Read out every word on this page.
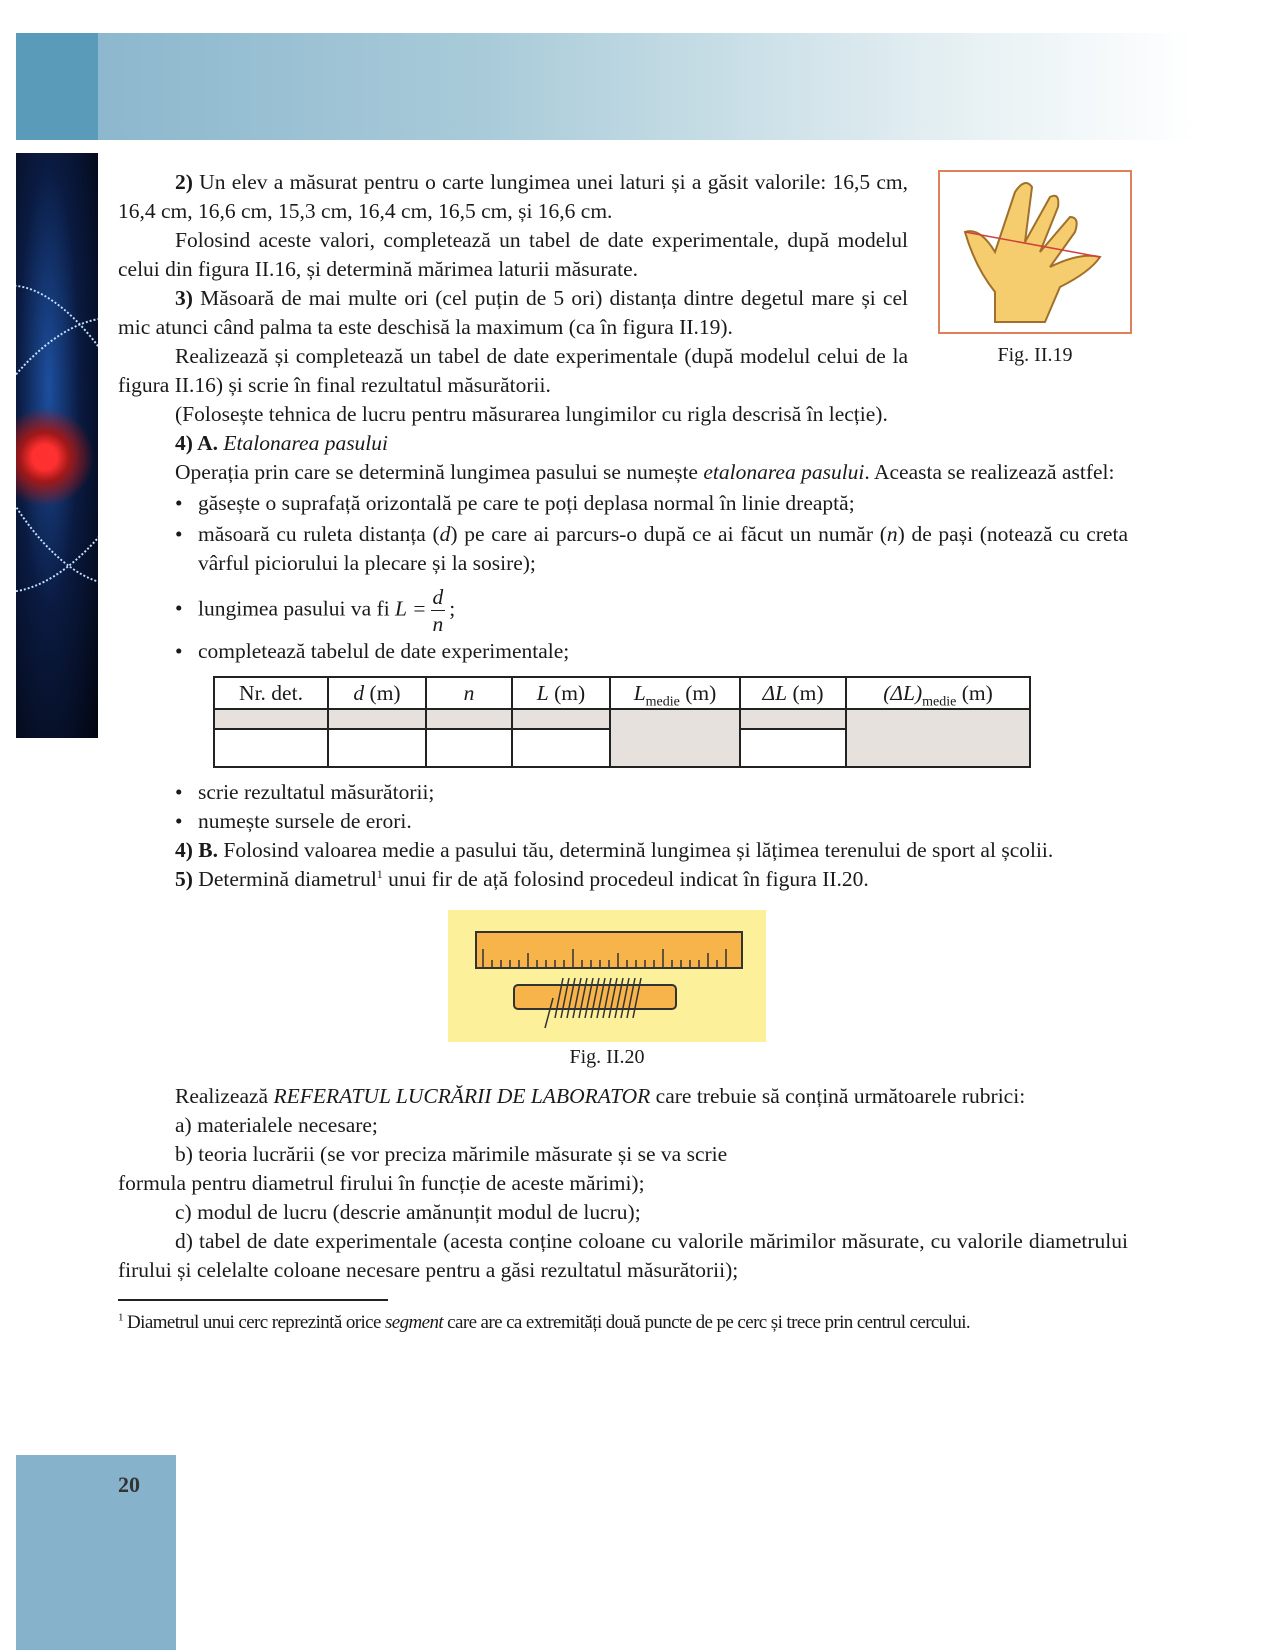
Fig. II.19

2) Un elev a măsurat pentru o carte lungimea unei laturi și a găsit valorile: 16,5 cm, 16,4 cm, 16,6 cm, 15,3 cm, 16,4 cm, 16,5 cm, și 16,6 cm.

Folosind aceste valori, completează un tabel de date experimentale, după modelul celui din figura II.16, și determină mărimea laturii măsurate.

3) Măsoară de mai multe ori (cel puțin de 5 ori) distanța dintre degetul mare și cel mic atunci când palma ta este deschisă la maximum (ca în figura II.19).

Realizează și completează un tabel de date experimentale (după modelul celui de la figura II.16) și scrie în final rezultatul măsurătorii.

(Folosește tehnica de lucru pentru măsurarea lungimilor cu rigla descrisă în lecție).

4) A. Etalonarea pasului

Operația prin care se determină lungimea pasului se numește etalonarea pasului. Aceasta se realizează astfel:

• găsește o suprafață orizontală pe care te poți deplasa normal în linie dreaptă;

• măsoară cu ruleta distanța (d) pe care ai parcurs-o după ce ai făcut un număr (n) de pași (notează cu creta vârful piciorului la plecare și la sosire);

• lungimea pasului va fi $L = \frac{d}{n}$ ;

• completează tabelul de date experimentale;

Nr. det.	d (m)	n	L (m)	$L_{medie}$ (m)	ΔL (m)	$(\Delta L)_{medie}$ (m)

• scrie rezultatul măsurătorii;

• numește sursele de erori.

4) B. Folosind valoarea medie a pasului tău, determină lungimea și lățimea terenului de sport al școlii.

5) Determină diametrul$^1$ unui fir de ață folosind procedeul indicat în figura II.20.

Fig. II.20

Realizează REFERATUL LUCRĂRII DE LABORATOR care trebuie să conțină următoarele rubrici:

a) materialele necesare;

b) teoria lucrării (se vor preciza mărimile măsurate și se va scrie

formula pentru diametrul firului în funcție de aceste mărimi);

c) modul de lucru (descrie amănunțit modul de lucru);

d) tabel de date experimentale (acesta conține coloane cu valorile mărimilor măsurate, cu valorile diametrului firului și celelalte coloane necesare pentru a găsi rezultatul măsurătorii);

$^1$ Diametrul unui cerc reprezintă orice segment care are ca extremități două puncte de pe cerc și trece prin centrul cercului.
20
